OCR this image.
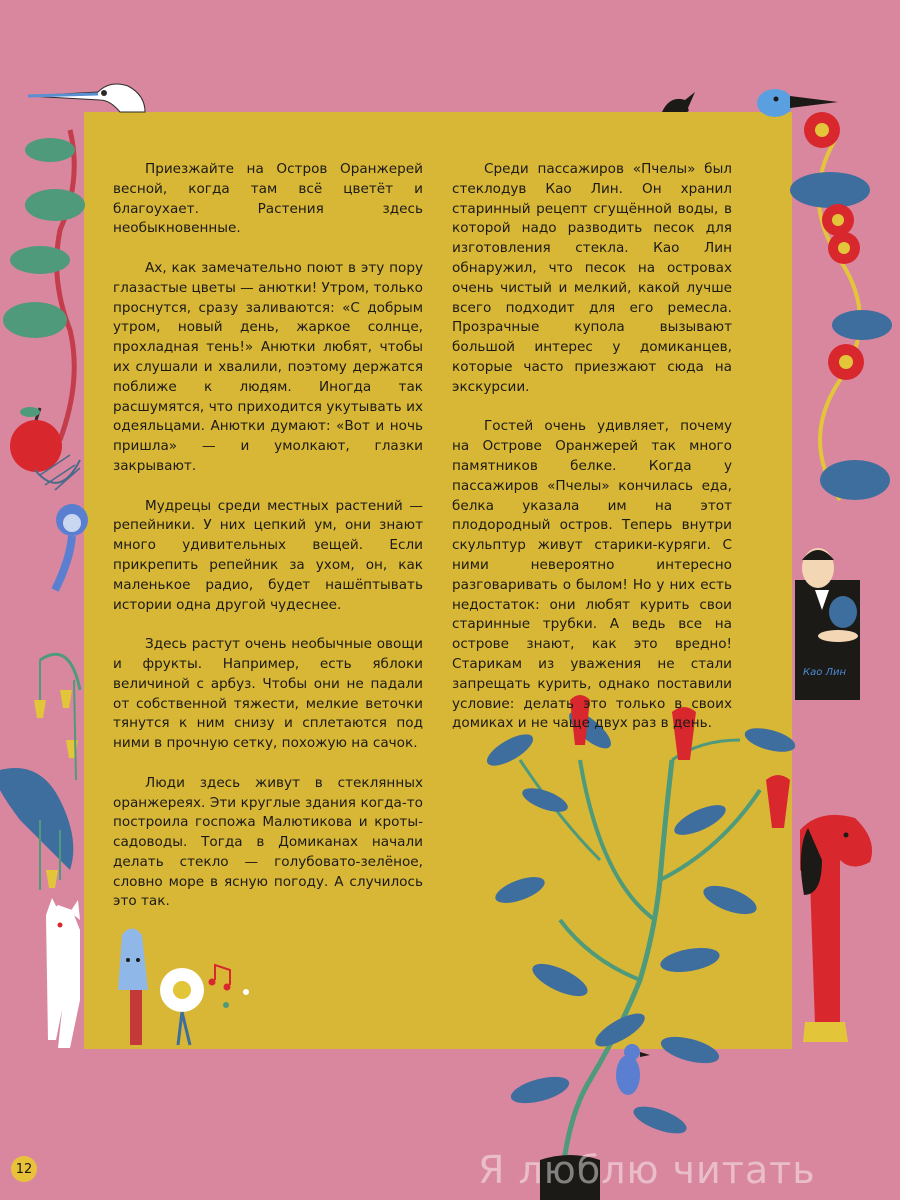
Приезжайте на Остров Оранжерей весной, когда там всё цветёт и благоухает. Растения здесь необыкновенные.

Ах, как замечательно поют в эту пору глазастые цветы — анютки! Утром, только проснутся, сразу заливаются: «С добрым утром, новый день, жаркое солнце, прохладная тень!» Анютки любят, чтобы их слушали и хвалили, поэтому держатся поближе к людям. Иногда так расшумятся, что приходится укутывать их одеяльцами. Анютки думают: «Вот и ночь пришла» — и умолкают, глазки закрывают.

Мудрецы среди местных растений — репейники. У них цепкий ум, они знают много удивительных вещей. Если прикрепить репейник за ухом, он, как маленькое радио, будет нашёптывать истории одна другой чудеснее.

Здесь растут очень необычные овощи и фрукты. Например, есть яблоки величиной с арбуз. Чтобы они не падали от собственной тяжести, мелкие веточки тянутся к ним снизу и сплетаются под ними в прочную сетку, похожую на сачок.

Люди здесь живут в стеклянных оранжереях. Эти круглые здания когда-то построила госпожа Малютикова и кроты-садоводы. Тогда в Домиканах начали делать стекло — голубовато-зелёное, словно море в ясную погоду. А случилось это так.

Среди пассажиров «Пчелы» был стеклодув Као Лин. Он хранил старинный рецепт сгущённой воды, в которой надо разводить песок для изготовления стекла. Као Лин обнаружил, что песок на островах очень чистый и мелкий, какой лучше всего подходит для его ремесла. Прозрачные купола вызывают большой интерес у домиканцев, которые часто приезжают сюда на экскурсии.

Гостей очень удивляет, почему на Острове Оранжерей так много памятников белке. Когда у пассажиров «Пчелы» кончилась еда, белка указала им на этот плодородный остров. Теперь внутри скульптур живут старики-куряги. С ними невероятно интересно разговаривать о былом! Но у них есть недостаток: они любят курить свои старинные трубки. А ведь все на острове знают, как это вредно! Старикам из уважения не стали запрещать курить, однако поставили условие: делать это только в своих домиках и не чаще двух раз в день.

Као Лин
12	Я люблю читать
